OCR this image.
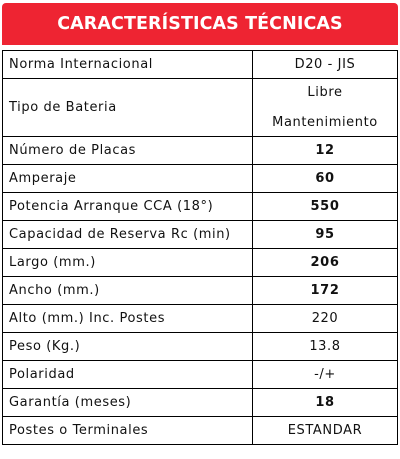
CARACTERÍSTICAS TÉCNICAS
Norma Internacional	D20 - JIS
Tipo de Bateria	Libre
Mantenimiento

Número de Placas	12
Amperaje	60
Potencia Arranque CCA (18°)	550
Capacidad de Reserva Rc (min)	95
Largo (mm.)	206
Ancho (mm.)	172
Alto (mm.) Inc. Postes	220
Peso (Kg.)	13.8
Polaridad	-/+
Garantía (meses)	18
Postes o Terminales	ESTANDAR
